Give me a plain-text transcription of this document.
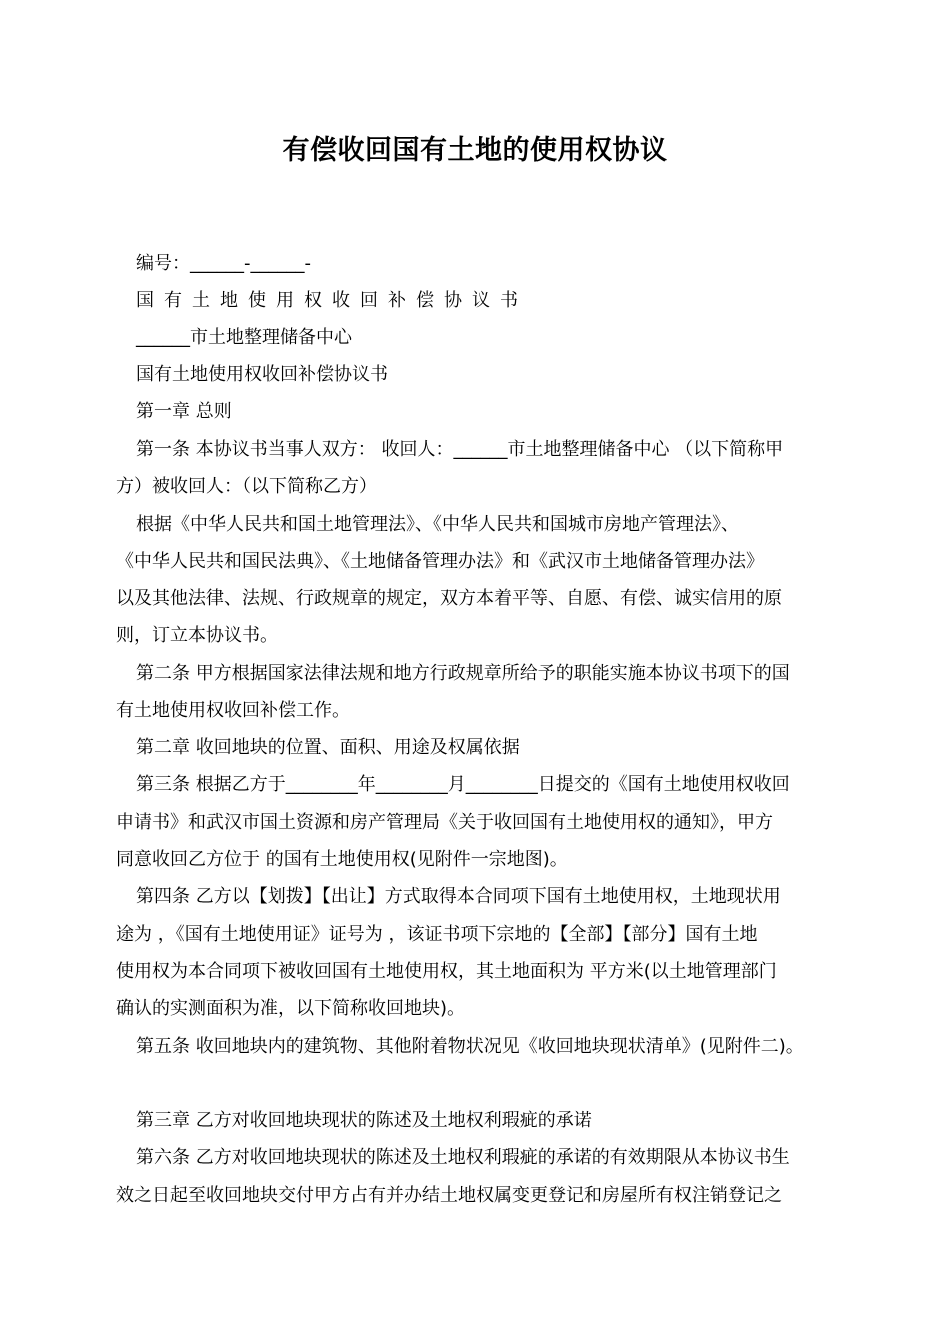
有偿收回国有土地的使用权协议
编号：______-______-
国有土地使用权收回补偿协议书
______市土地整理储备中心
国有土地使用权收回补偿协议书
第一章 总则
第一条 本协议书当事人双方： 收回人：______市土地整理储备中心 （以下简称甲
方）被收回人：（以下简称乙方）
根据《中华人民共和国土地管理法》、《中华人民共和国城市房地产管理法》、
《中华人民共和国民法典》、《土地储备管理办法》和《武汉市土地储备管理办法》
以及其他法律、法规、行政规章的规定，双方本着平等、自愿、有偿、诚实信用的原
则，订立本协议书。
第二条 甲方根据国家法律法规和地方行政规章所给予的职能实施本协议书项下的国
有土地使用权收回补偿工作。
第二章 收回地块的位置、面积、用途及权属依据
第三条 根据乙方于________年________月________日提交的《国有土地使用权收回
申请书》和武汉市国土资源和房产管理局《关于收回国有土地使用权的通知》，甲方
同意收回乙方位于 的国有土地使用权(见附件一宗地图)。
第四条 乙方以【划拨】【出让】方式取得本合同项下国有土地使用权，土地现状用
途为 ，《国有土地使用证》证号为 ，该证书项下宗地的【全部】【部分】国有土地
使用权为本合同项下被收回国有土地使用权，其土地面积为 平方米(以土地管理部门
确认的实测面积为准，以下简称收回地块)。
第五条 收回地块内的建筑物、其他附着物状况见《收回地块现状清单》(见附件二)。
第三章 乙方对收回地块现状的陈述及土地权利瑕疵的承诺
第六条 乙方对收回地块现状的陈述及土地权利瑕疵的承诺的有效期限从本协议书生
效之日起至收回地块交付甲方占有并办结土地权属变更登记和房屋所有权注销登记之
